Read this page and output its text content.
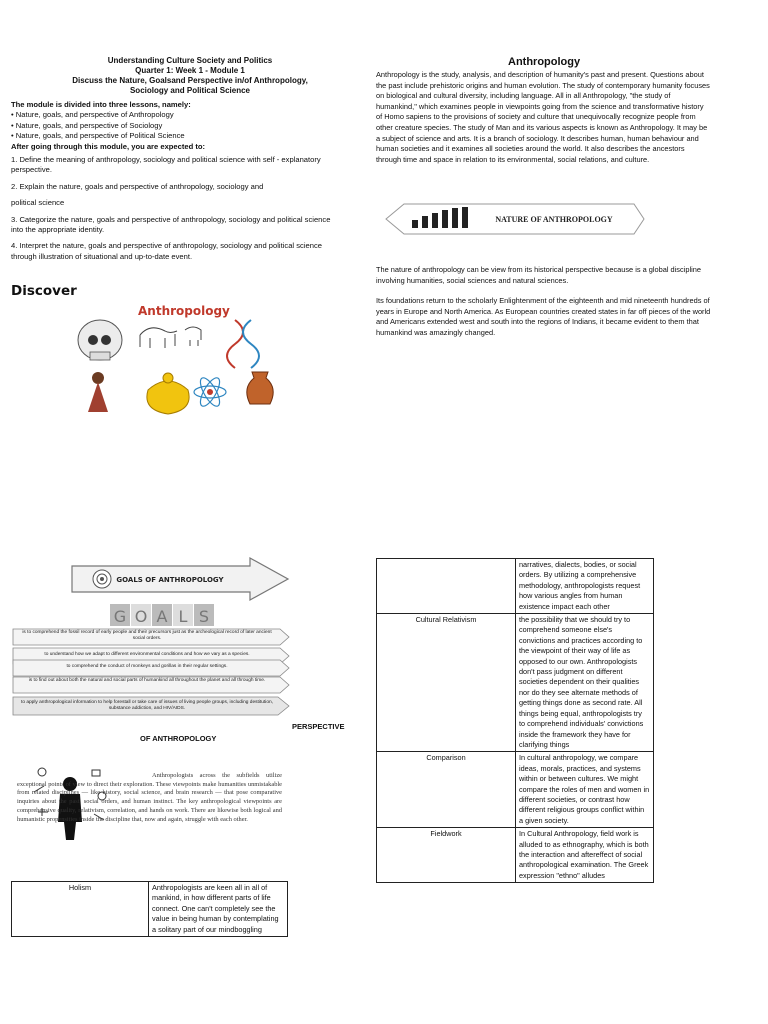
Understanding Culture Society and Politics
Quarter 1: Week 1 - Module 1
Discuss the Nature, Goalsand Perspective in/of Anthropology,
Sociology and Political Science
The module is divided into three lessons, namely:
• Nature, goals, and perspective of Anthropology
• Nature, goals, and perspective of Sociology
• Nature, goals, and perspective of Political Science
After going through this module, you are expected to:

1. Define the meaning of anthropology, sociology and political science with self - explanatory perspective.

2. Explain the nature, goals and perspective of anthropology, sociology and

political science

3. Categorize the nature, goals and perspective of anthropology, sociology and political science into the appropriate identity.

4. Interpret the nature, goals and perspective of anthropology, sociology and political science through illustration of situational and up-to-date event.

Discover
Anthropology
Anthropology
Anthropology is the study, analysis, and description of humanity's past and present. Questions about the past include prehistoric origins and human evolution. The study of contemporary humanity focuses on biological and cultural diversity, including language. All in all Anthropology, "the study of humankind," which examines people in viewpoints going from the science and transformative history of Homo sapiens to the provisions of society and culture that unequivocally recognize people from other creature species. The study of Man and its various aspects is known as Anthropology. It may be a subject of science and arts. It is a branch of sociology. It describes human, human behaviour and human societies and it examines all societies around the world. It also describes the ancestors through time and space in relation to its environmental, social relations, and culture.
NATURE OF ANTHROPOLOGY
The nature of anthropology can be view from its historical perspective because is a global discipline involving humanities, social sciences and natural sciences.
Its foundations return to the scholarly Enlightenment of the eighteenth and mid nineteenth hundreds of years in Europe and North America. As European countries created states in far off pieces of the world and Americans extended west and south into the regions of Indians, it became evident to them that humankind was amazingly changed.
GOALS OF ANTHROPOLOGY
G O A L S
is to comprehend the fossil record of early people and their precursors just as the archeological record of later ancient social orders.
to understand how we adapt to different environmental conditions and how we vary as a species.
to comprehend the conduct of monkeys and gorillas in their regular settings.
is to find out about both the natural and social parts of humankind all throughout the planet and all through time.
to apply anthropological information to help forestall or take care of issues of living people groups, including destitution, substance addiction, and HIV/AIDS.
PERSPECTIVE
OF ANTHROPOLOGY
Anthropologists across the subfields utilize exceptional points of view to direct their exploration. These viewpoints make humanities unmistakable from related disciplines — like history, social science, and brain research — that pose comparative inquiries about the past, social orders, and human instinct. The key anthropological viewpoints are comprehensive quality, relativism, correlation, and hands on work. There are likewise both logical and humanistic propensities inside the discipline that, now and again, struggle with each other.
Holism	Anthropologists are keen all in all of mankind, in how different parts of life connect. One can't completely see the value in being human by contemplating a solitary part of our mindboggling
	narratives, dialects, bodies, or social orders. By utilizing a comprehensive methodology, anthropologists request how various angles from human existence impact each other
Cultural Relativism	the possibility that we should try to comprehend someone else's convictions and practices according to the viewpoint of their way of life as opposed to our own. Anthropologists don't pass judgment on different societies dependent on their qualities nor do they see alternate methods of getting things done as second rate. All things being equal, anthropologists try to comprehend individuals' convictions inside the framework they have for clarifying things
Comparison	In cultural anthropology, we compare ideas, morals, practices, and systems within or between cultures. We might compare the roles of men and women in different societies, or contrast how different religious groups conflict within a given society.
Fieldwork	In Cultural Anthropology, field work is alluded to as ethnography, which is both the interaction and aftereffect of social anthropological examination. The Greek expression "ethno" alludes
